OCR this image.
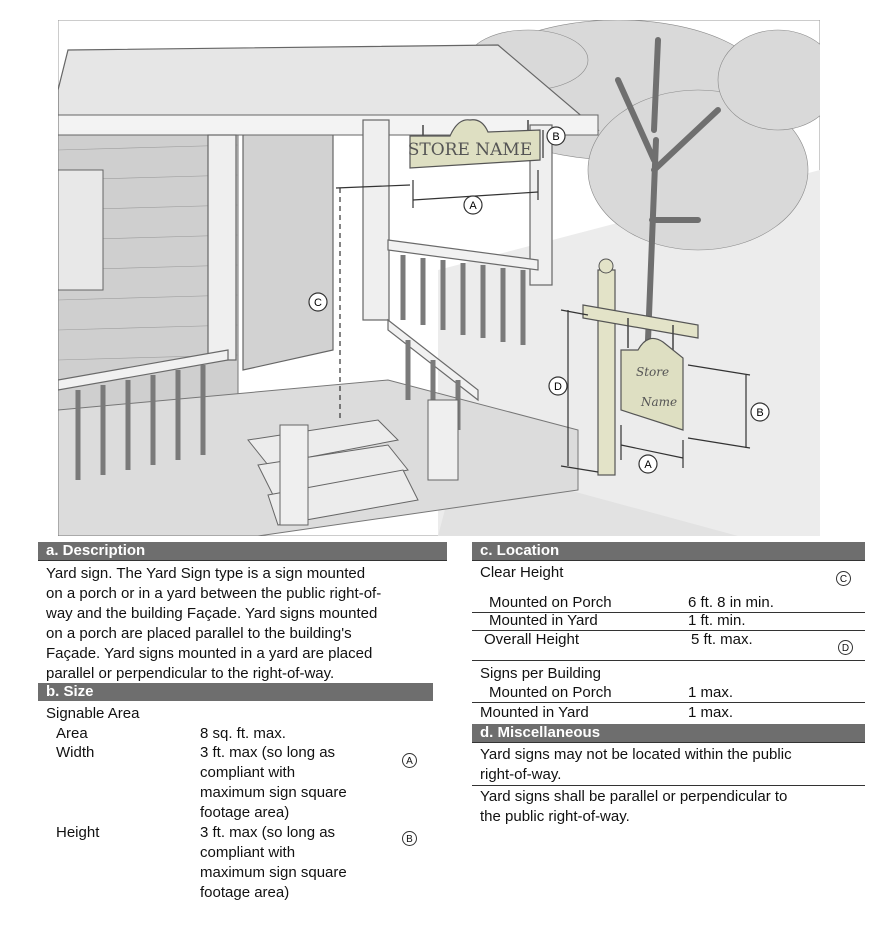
STORE NAME
A
B
C
Store
Name
D
A
B
a. Description
Yard sign. The Yard Sign type is a sign mounted
on a porch or in a yard between the public right-of-
way and the building Façade. Yard signs mounted
on a porch are placed parallel to the building's
Façade. Yard signs mounted in a yard are placed
parallel or perpendicular to the right-of-way.
b. Size
Signable Area
Area	8 sq. ft. max.
Width	3 ft. max (so long as
compliant with
maximum sign square
footage area)
A
Height	3 ft. max (so long as
compliant with
maximum sign square
footage area)
B
c. Location
Clear Height	C
Mounted on Porch	6 ft. 8 in min.
Mounted in Yard	1 ft. min.
Overall Height	5 ft. max.
D
Signs per Building
Mounted on Porch	1 max.
Mounted in Yard	1 max.
d. Miscellaneous
Yard signs may not be located within the public
right-of-way.
Yard signs shall be parallel or perpendicular to
the public right-of-way.
